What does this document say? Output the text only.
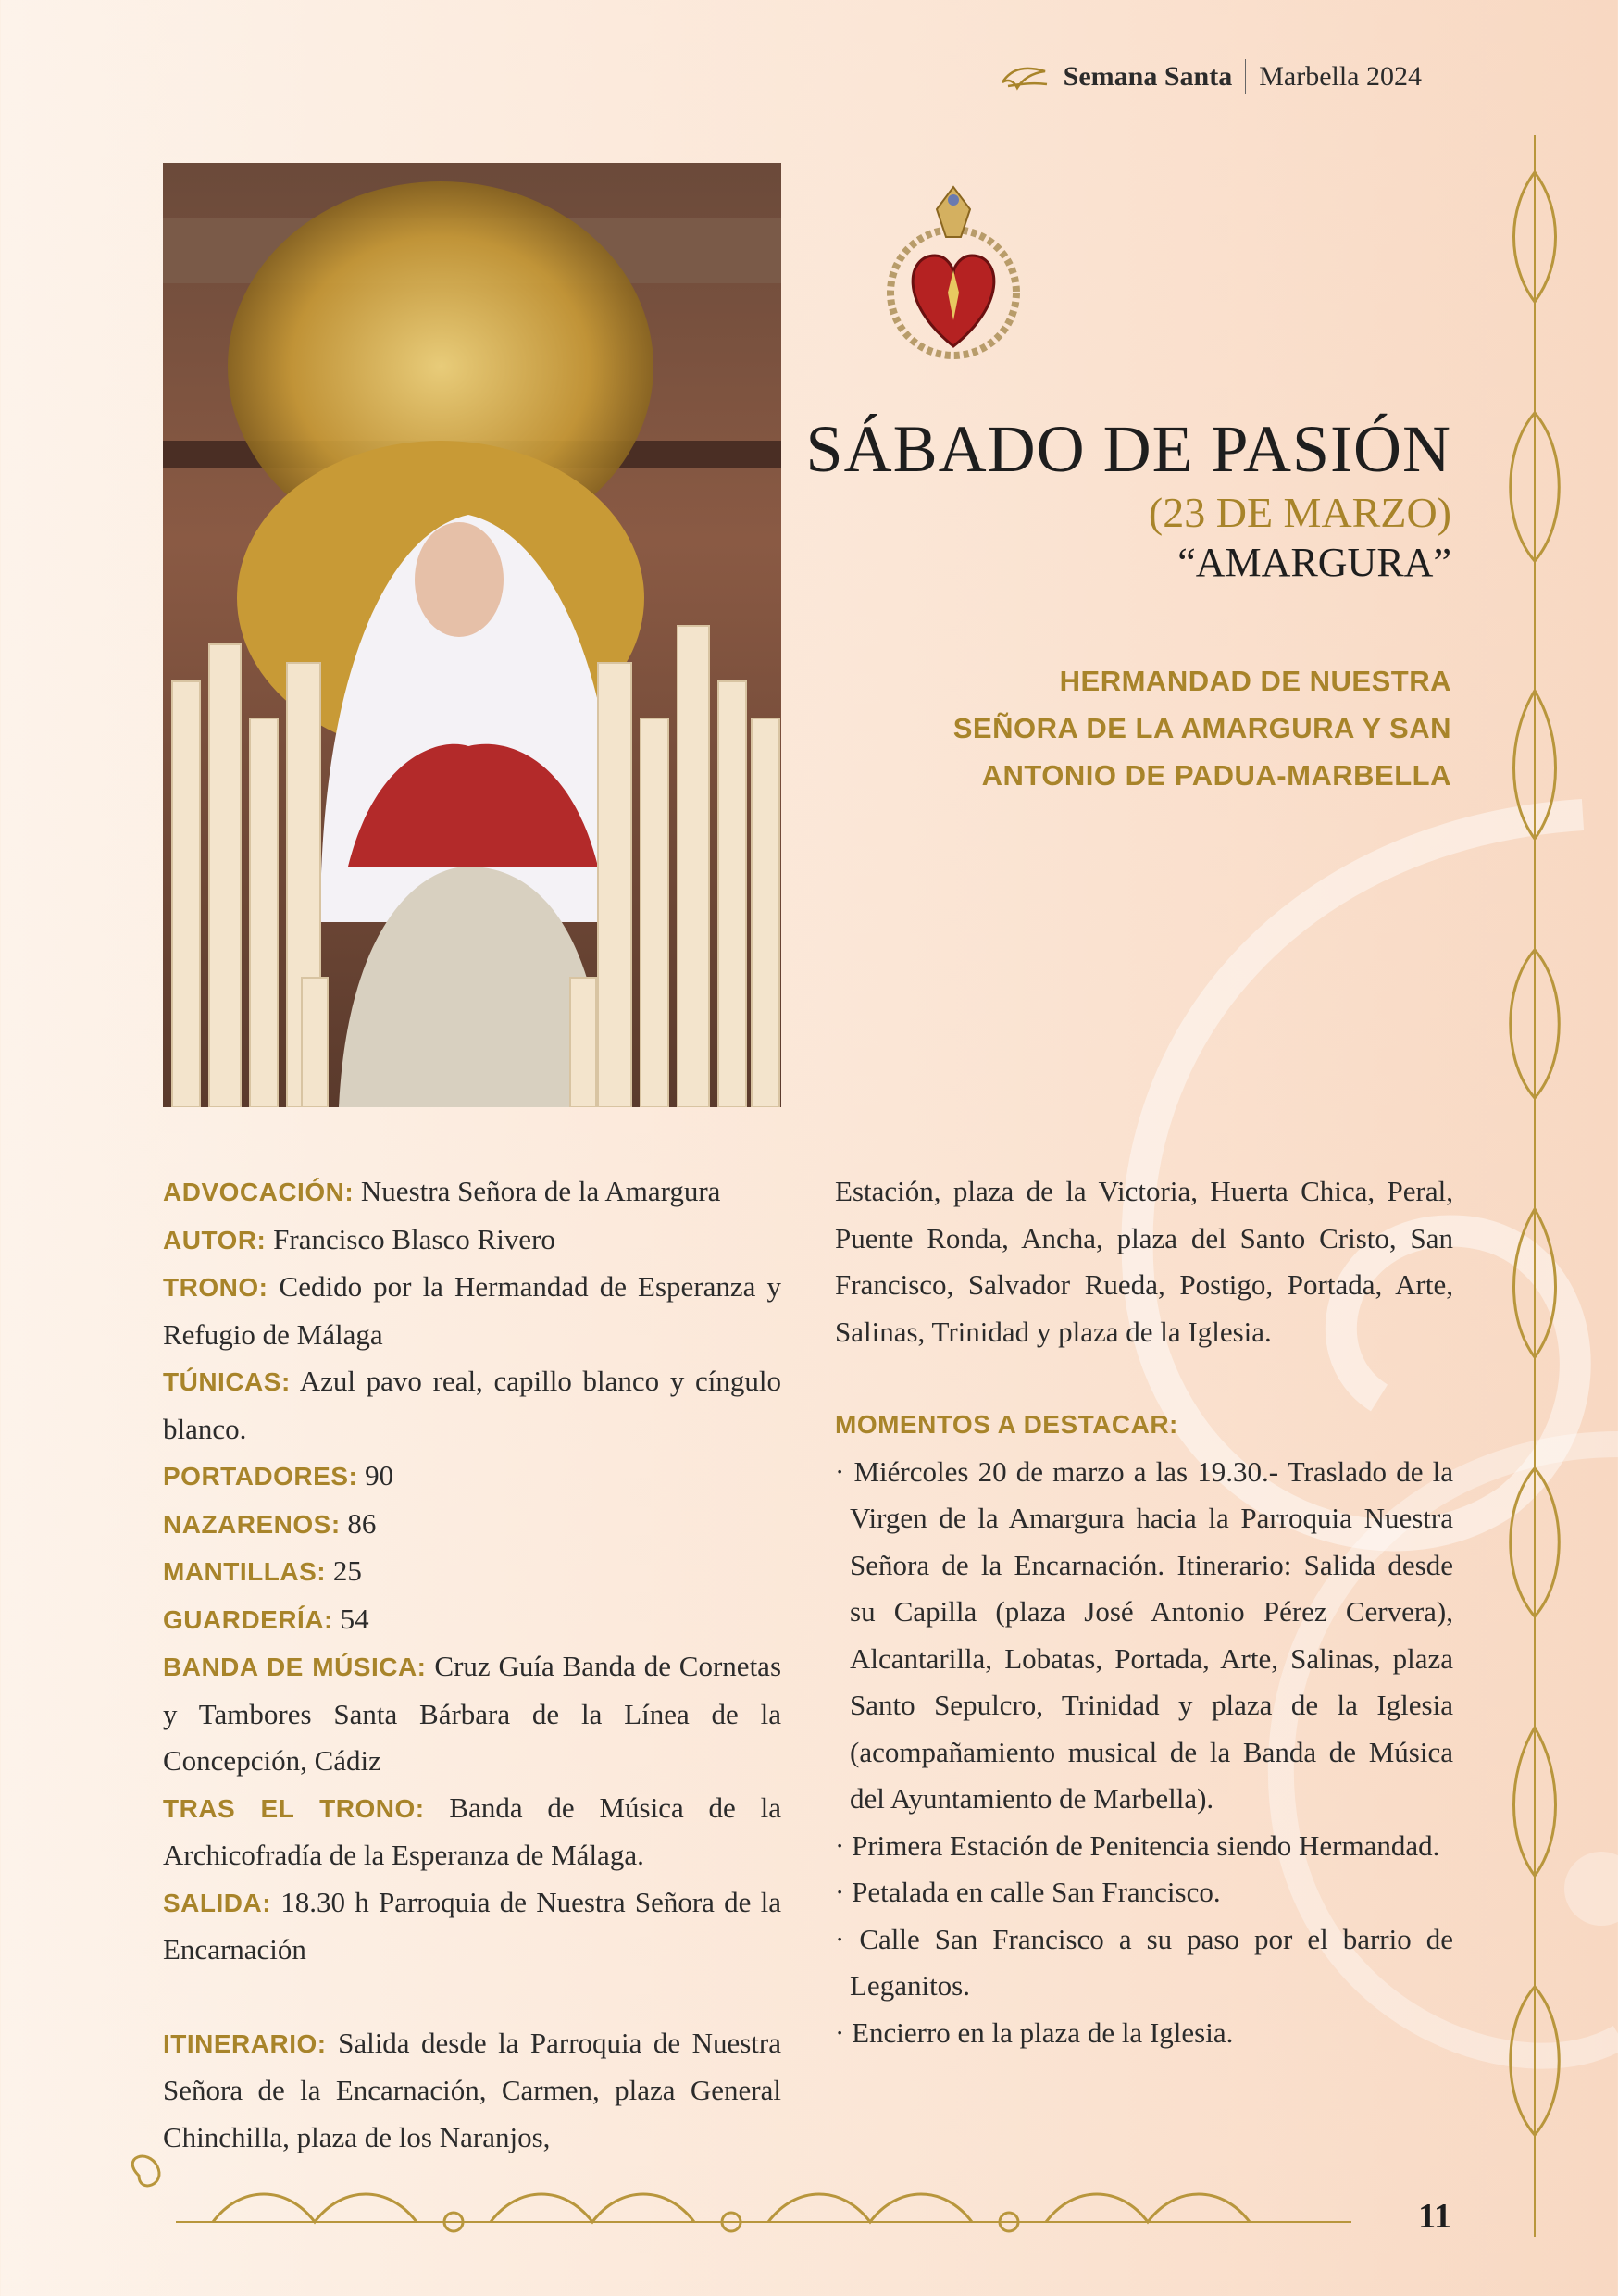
Semana Santa Marbella 2024
SÁBADO DE PASIÓN
(23 DE MARZO)
“AMARGURA”
HERMANDAD DE NUESTRA
SEÑORA DE LA AMARGURA Y SAN
ANTONIO DE PADUA-MARBELLA

ADVOCACIÓN: Nuestra Señora de la Amargura

AUTOR: Francisco Blasco Rivero

TRONO: Cedido por la Hermandad de Esperanza y Refugio de Málaga

TÚNICAS: Azul pavo real, capillo blanco y cíngulo blanco.

PORTADORES: 90

NAZARENOS: 86

MANTILLAS: 25

GUARDERÍA: 54

BANDA DE MÚSICA: Cruz Guía Banda de Cornetas y Tambores Santa Bárbara de la Línea de la Concepción, Cádiz

TRAS EL TRONO: Banda de Música de la Archicofradía de la Esperanza de Málaga.

SALIDA: 18.30 h Parroquia de Nuestra Señora de la Encarnación

ITINERARIO: Salida desde la Parroquia de Nuestra Señora de la Encarnación, Carmen, plaza General Chinchilla, plaza de los Naranjos,

Estación, plaza de la Victoria, Huerta Chica, Peral, Puente Ronda, Ancha, plaza del Santo Cristo, San Francisco, Salvador Rueda, Postigo, Portada, Arte, Salinas, Trinidad y plaza de la Iglesia.

MOMENTOS A DESTACAR:
· Miércoles 20 de marzo a las 19.30.- Traslado de la Virgen de la Amargura hacia la Parroquia Nuestra Señora de la Encarnación. Itinerario: Salida desde su Capilla (plaza José Antonio Pérez Cervera), Alcantarilla, Lobatas, Portada, Arte, Salinas, plaza Santo Sepulcro, Trinidad y plaza de la Iglesia (acompañamiento musical de la Banda de Música del Ayuntamiento de Marbella).
· Primera Estación de Penitencia siendo Hermandad.
· Petalada en calle San Francisco.
· Calle San Francisco a su paso por el barrio de Leganitos.
· Encierro en la plaza de la Iglesia.
11
